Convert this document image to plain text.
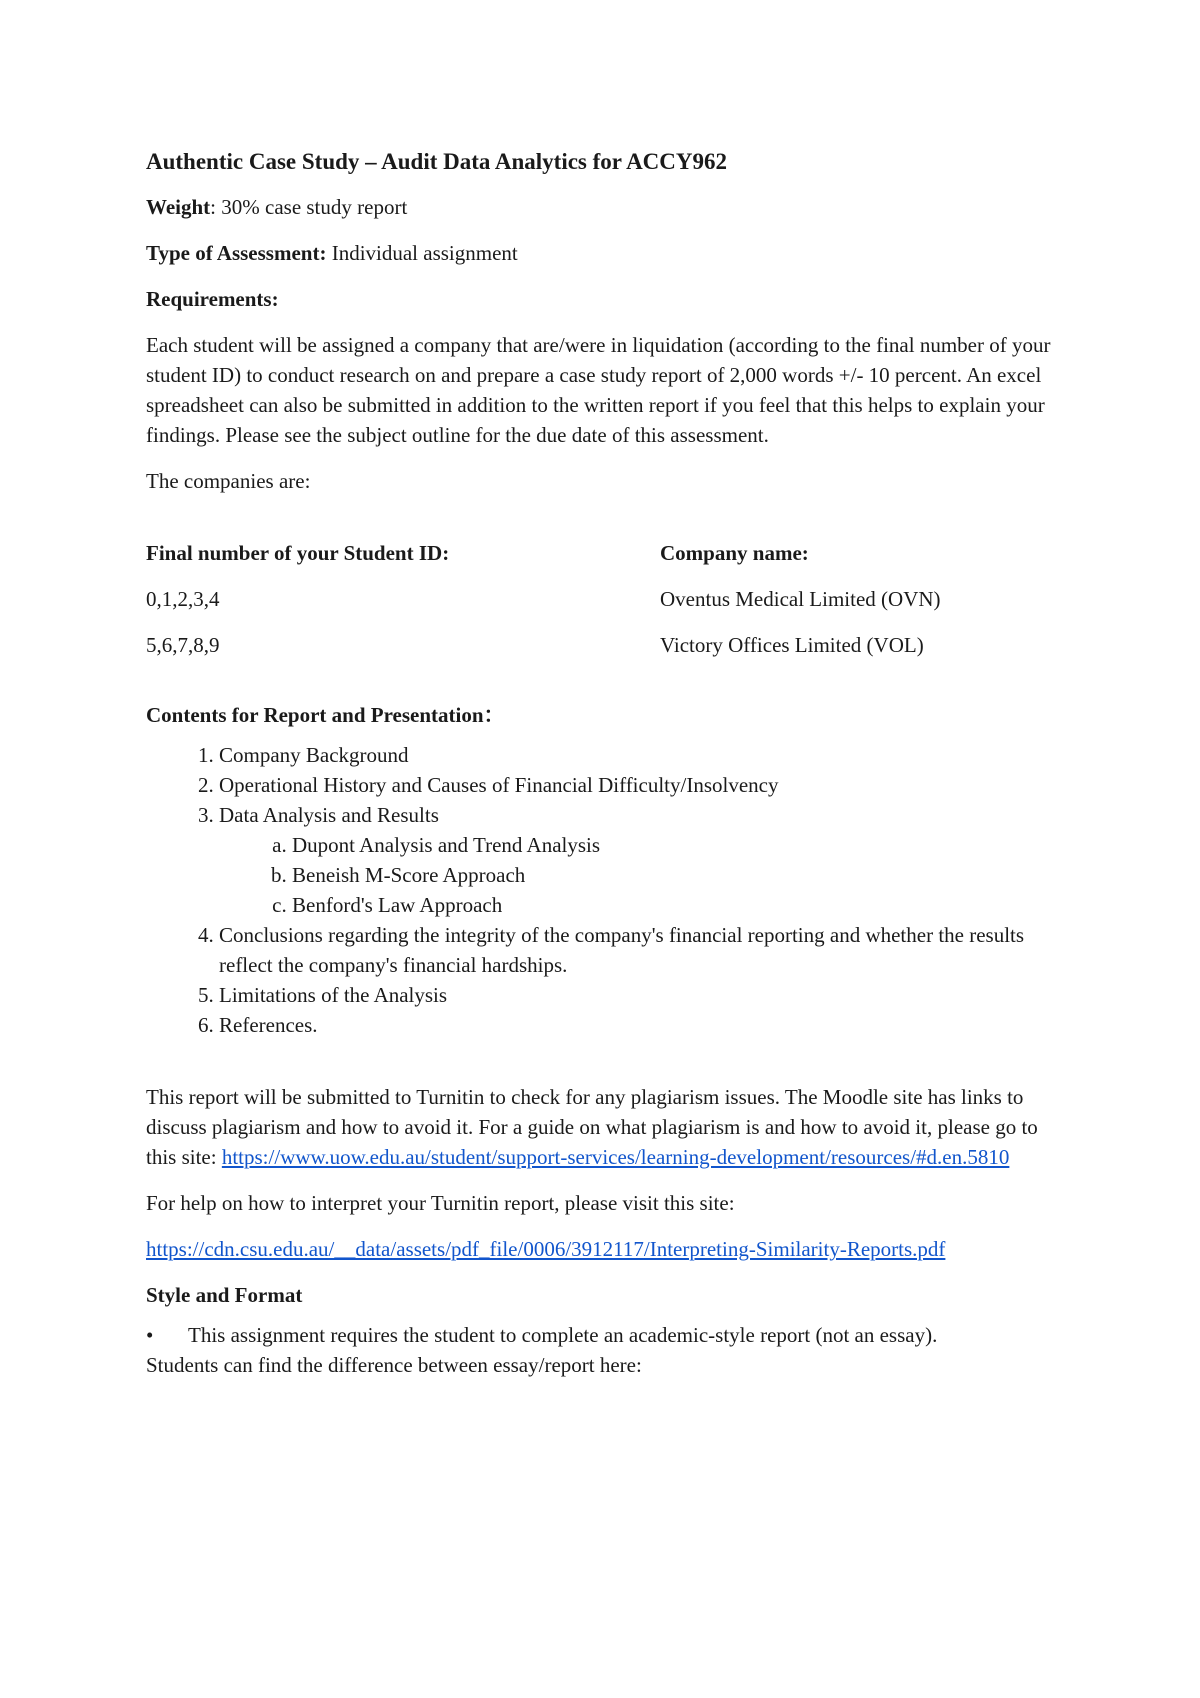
Authentic Case Study – Audit Data Analytics for ACCY962

Weight: 30% case study report

Type of Assessment: Individual assignment

Requirements:

Each student will be assigned a company that are/were in liquidation (according to the final number of your student ID) to conduct research on and prepare a case study report of 2,000 words +/- 10 percent. An excel spreadsheet can also be submitted in addition to the written report if you feel that this helps to explain your findings. Please see the subject outline for the due date of this assessment.

The companies are:

Final number of your Student ID:	Company name:
0,1,2,3,4	Oventus Medical Limited (OVN)
5,6,7,8,9	Victory Offices Limited (VOL)

Contents for Report and Presentation：

1. Company Background
2. Operational History and Causes of Financial Difficulty/Insolvency
3. Data Analysis and Results
a. Dupont Analysis and Trend Analysis
b. Beneish M-Score Approach
c. Benford's Law Approach
4. Conclusions regarding the integrity of the company's financial reporting and whether the results reflect the company's financial hardships.
5. Limitations of the Analysis
6. References.

This report will be submitted to Turnitin to check for any plagiarism issues. The Moodle site has links to discuss plagiarism and how to avoid it. For a guide on what plagiarism is and how to avoid it, please go to this site: https://www.uow.edu.au/student/support-services/learning-development/resources/#d.en.5810

For help on how to interpret your Turnitin report, please visit this site:

https://cdn.csu.edu.au/__data/assets/pdf_file/0006/3912117/Interpreting-Similarity-Reports.pdf

Style and Format

•	This assignment requires the student to complete an academic-style report (not an essay).
Students can find the difference between essay/report here:
